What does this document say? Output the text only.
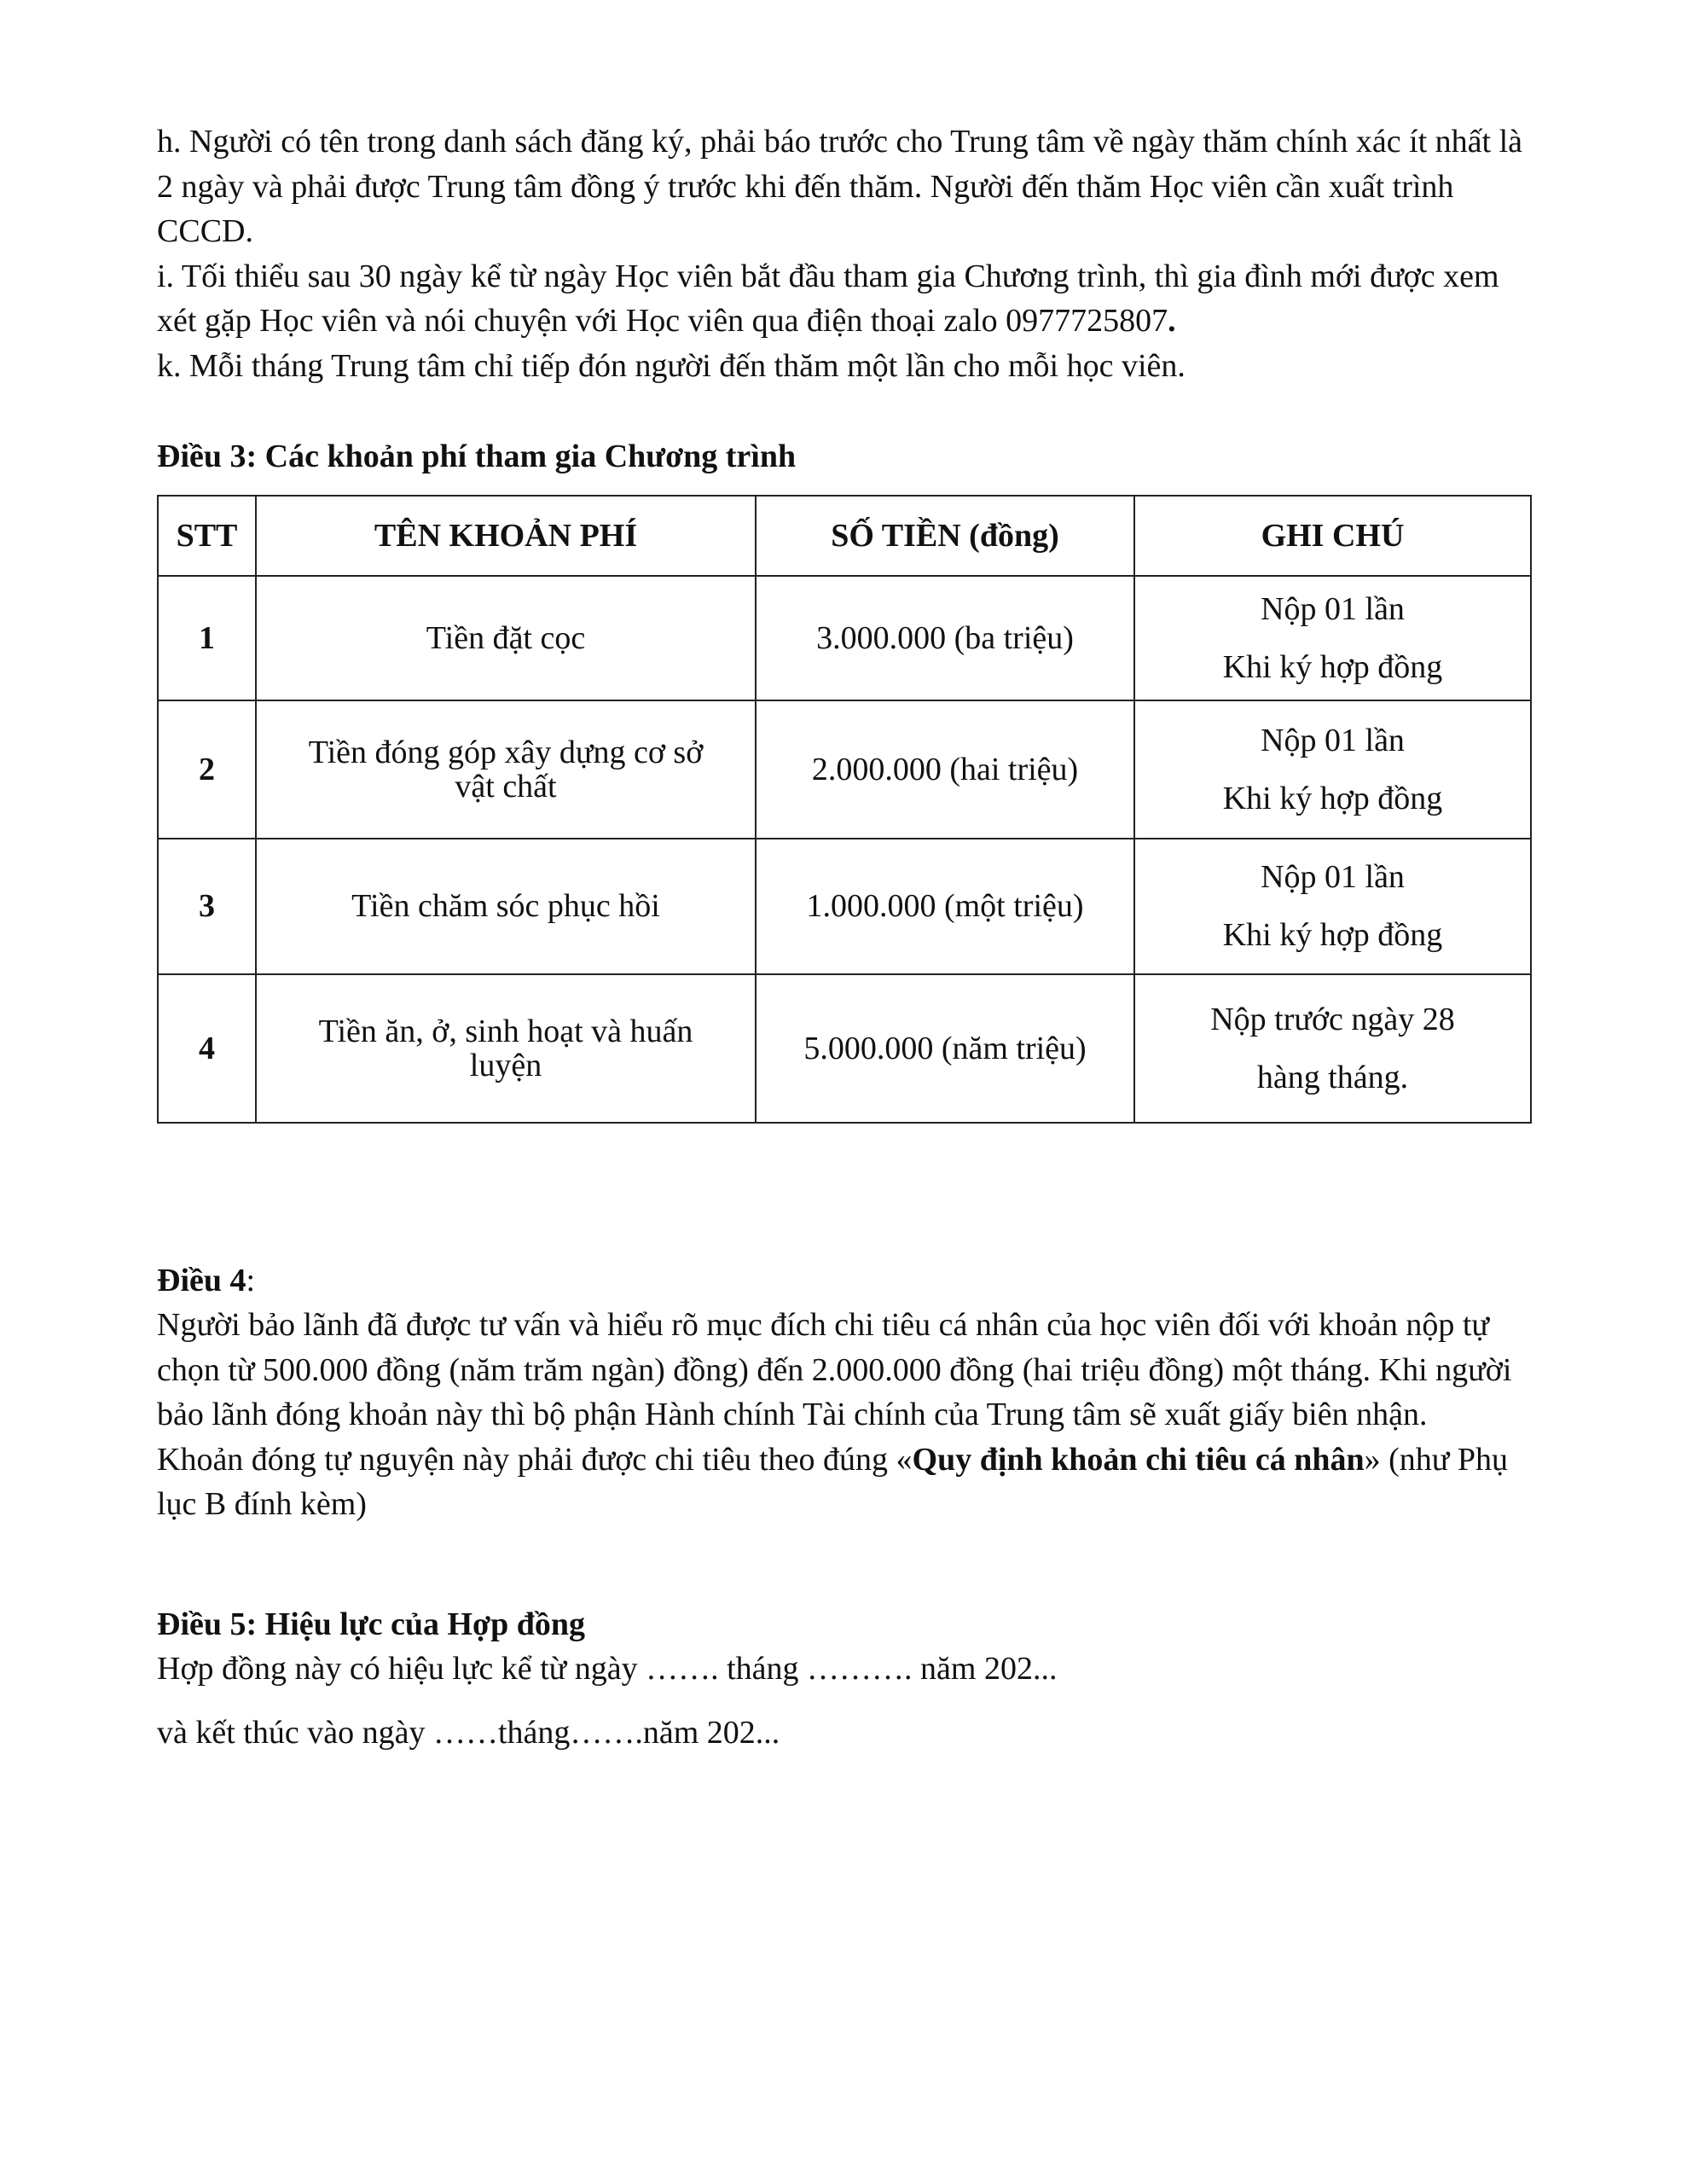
h. Người có tên trong danh sách đăng ký, phải báo trước cho Trung tâm về ngày thăm chính xác ít nhất là 2 ngày và phải được Trung tâm đồng ý trước khi đến thăm. Người đến thăm Học viên cần xuất trình CCCD.

i. Tối thiểu sau 30 ngày kể từ ngày Học viên bắt đầu tham gia Chương trình, thì gia đình mới được xem xét gặp Học viên và nói chuyện với Học viên qua điện thoại zalo 0977725807.

k. Mỗi tháng Trung tâm chỉ tiếp đón người đến thăm một lần cho mỗi học viên.

Điều 3: Các khoản phí tham gia Chương trình

STT	TÊN KHOẢN PHÍ	SỐ TIỀN (đồng)	GHI CHÚ
1	Tiền đặt cọc	3.000.000 (ba triệu)	Nộp 01 lần
Khi ký hợp đồng

2	Tiền đóng góp xây dựng cơ sở
vật chất	2.000.000 (hai triệu)	Nộp 01 lần
Khi ký hợp đồng

3	Tiền chăm sóc phục hồi	1.000.000 (một triệu)	Nộp 01 lần
Khi ký hợp đồng

4	Tiền ăn, ở, sinh hoạt và huấn
luyện	5.000.000 (năm triệu)	Nộp trước ngày 28
hàng tháng.

Điều 4:

Người bảo lãnh đã được tư vấn và hiểu rõ mục đích chi tiêu cá nhân của học viên đối với khoản nộp tự chọn từ 500.000 đồng (năm trăm ngàn) đồng) đến 2.000.000 đồng (hai triệu đồng) một tháng. Khi người bảo lãnh đóng khoản này thì bộ phận Hành chính Tài chính của Trung tâm sẽ xuất giấy biên nhận.

Khoản đóng tự nguyện này phải được chi tiêu theo đúng «Quy định khoản chi tiêu cá nhân» (như Phụ lục B đính kèm)

Điều 5: Hiệu lực của Hợp đồng

Hợp đồng này có hiệu lực kể từ ngày ……. tháng ………. năm 202...

và kết thúc vào ngày ……tháng…….năm 202...
